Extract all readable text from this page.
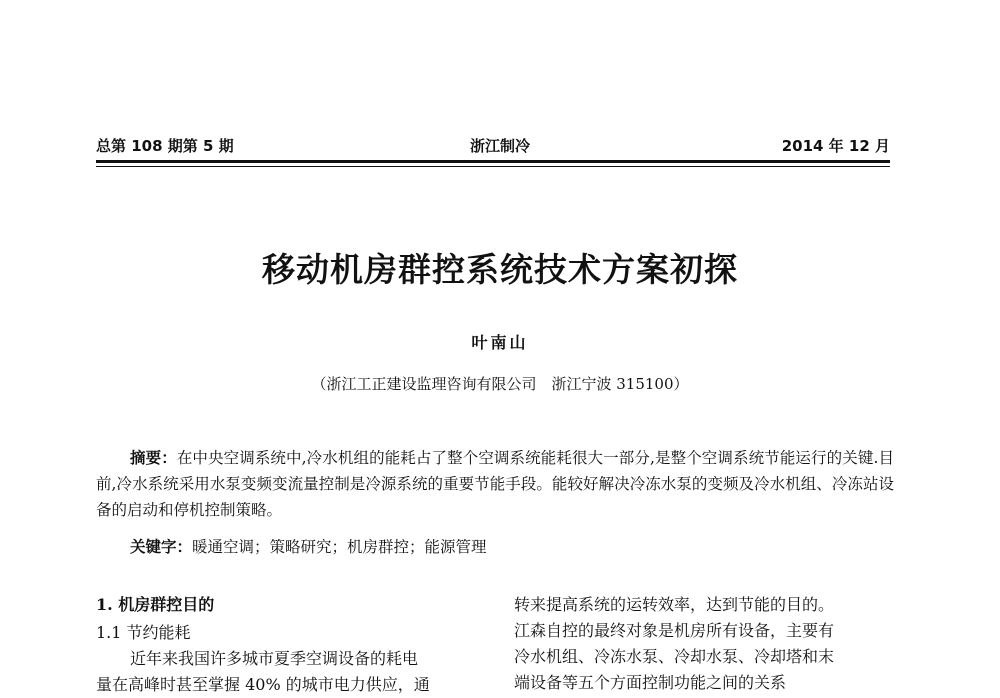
总第 108 期第 5 期	浙江制冷	2014 年 12 月
移动机房群控系统技术方案初探
叶南山
（浙江工正建设监理咨询有限公司　浙江宁波 315100）

摘要：在中央空调系统中,冷水机组的能耗占了整个空调系统能耗很大一部分,是整个空调系统节能运行的关键.目前,冷水系统采用水泵变频变流量控制是冷源系统的重要节能手段。能较好解决冷冻水泵的变频及冷水机组、冷冻站设备的启动和停机控制策略。

关键字：暖通空调；策略研究；机房群控；能源管理
1. 机房群控目的
1.1 节约能耗
近年来我国许多城市夏季空调设备的耗电
量在高峰时甚至掌握 40% 的城市电力供应，通
转来提高系统的运转效率，达到节能的目的。
江森自控的最终对象是机房所有设备，主要有
冷水机组、冷冻水泵、冷却水泵、冷却塔和末
端设备等五个方面控制功能之间的关系
